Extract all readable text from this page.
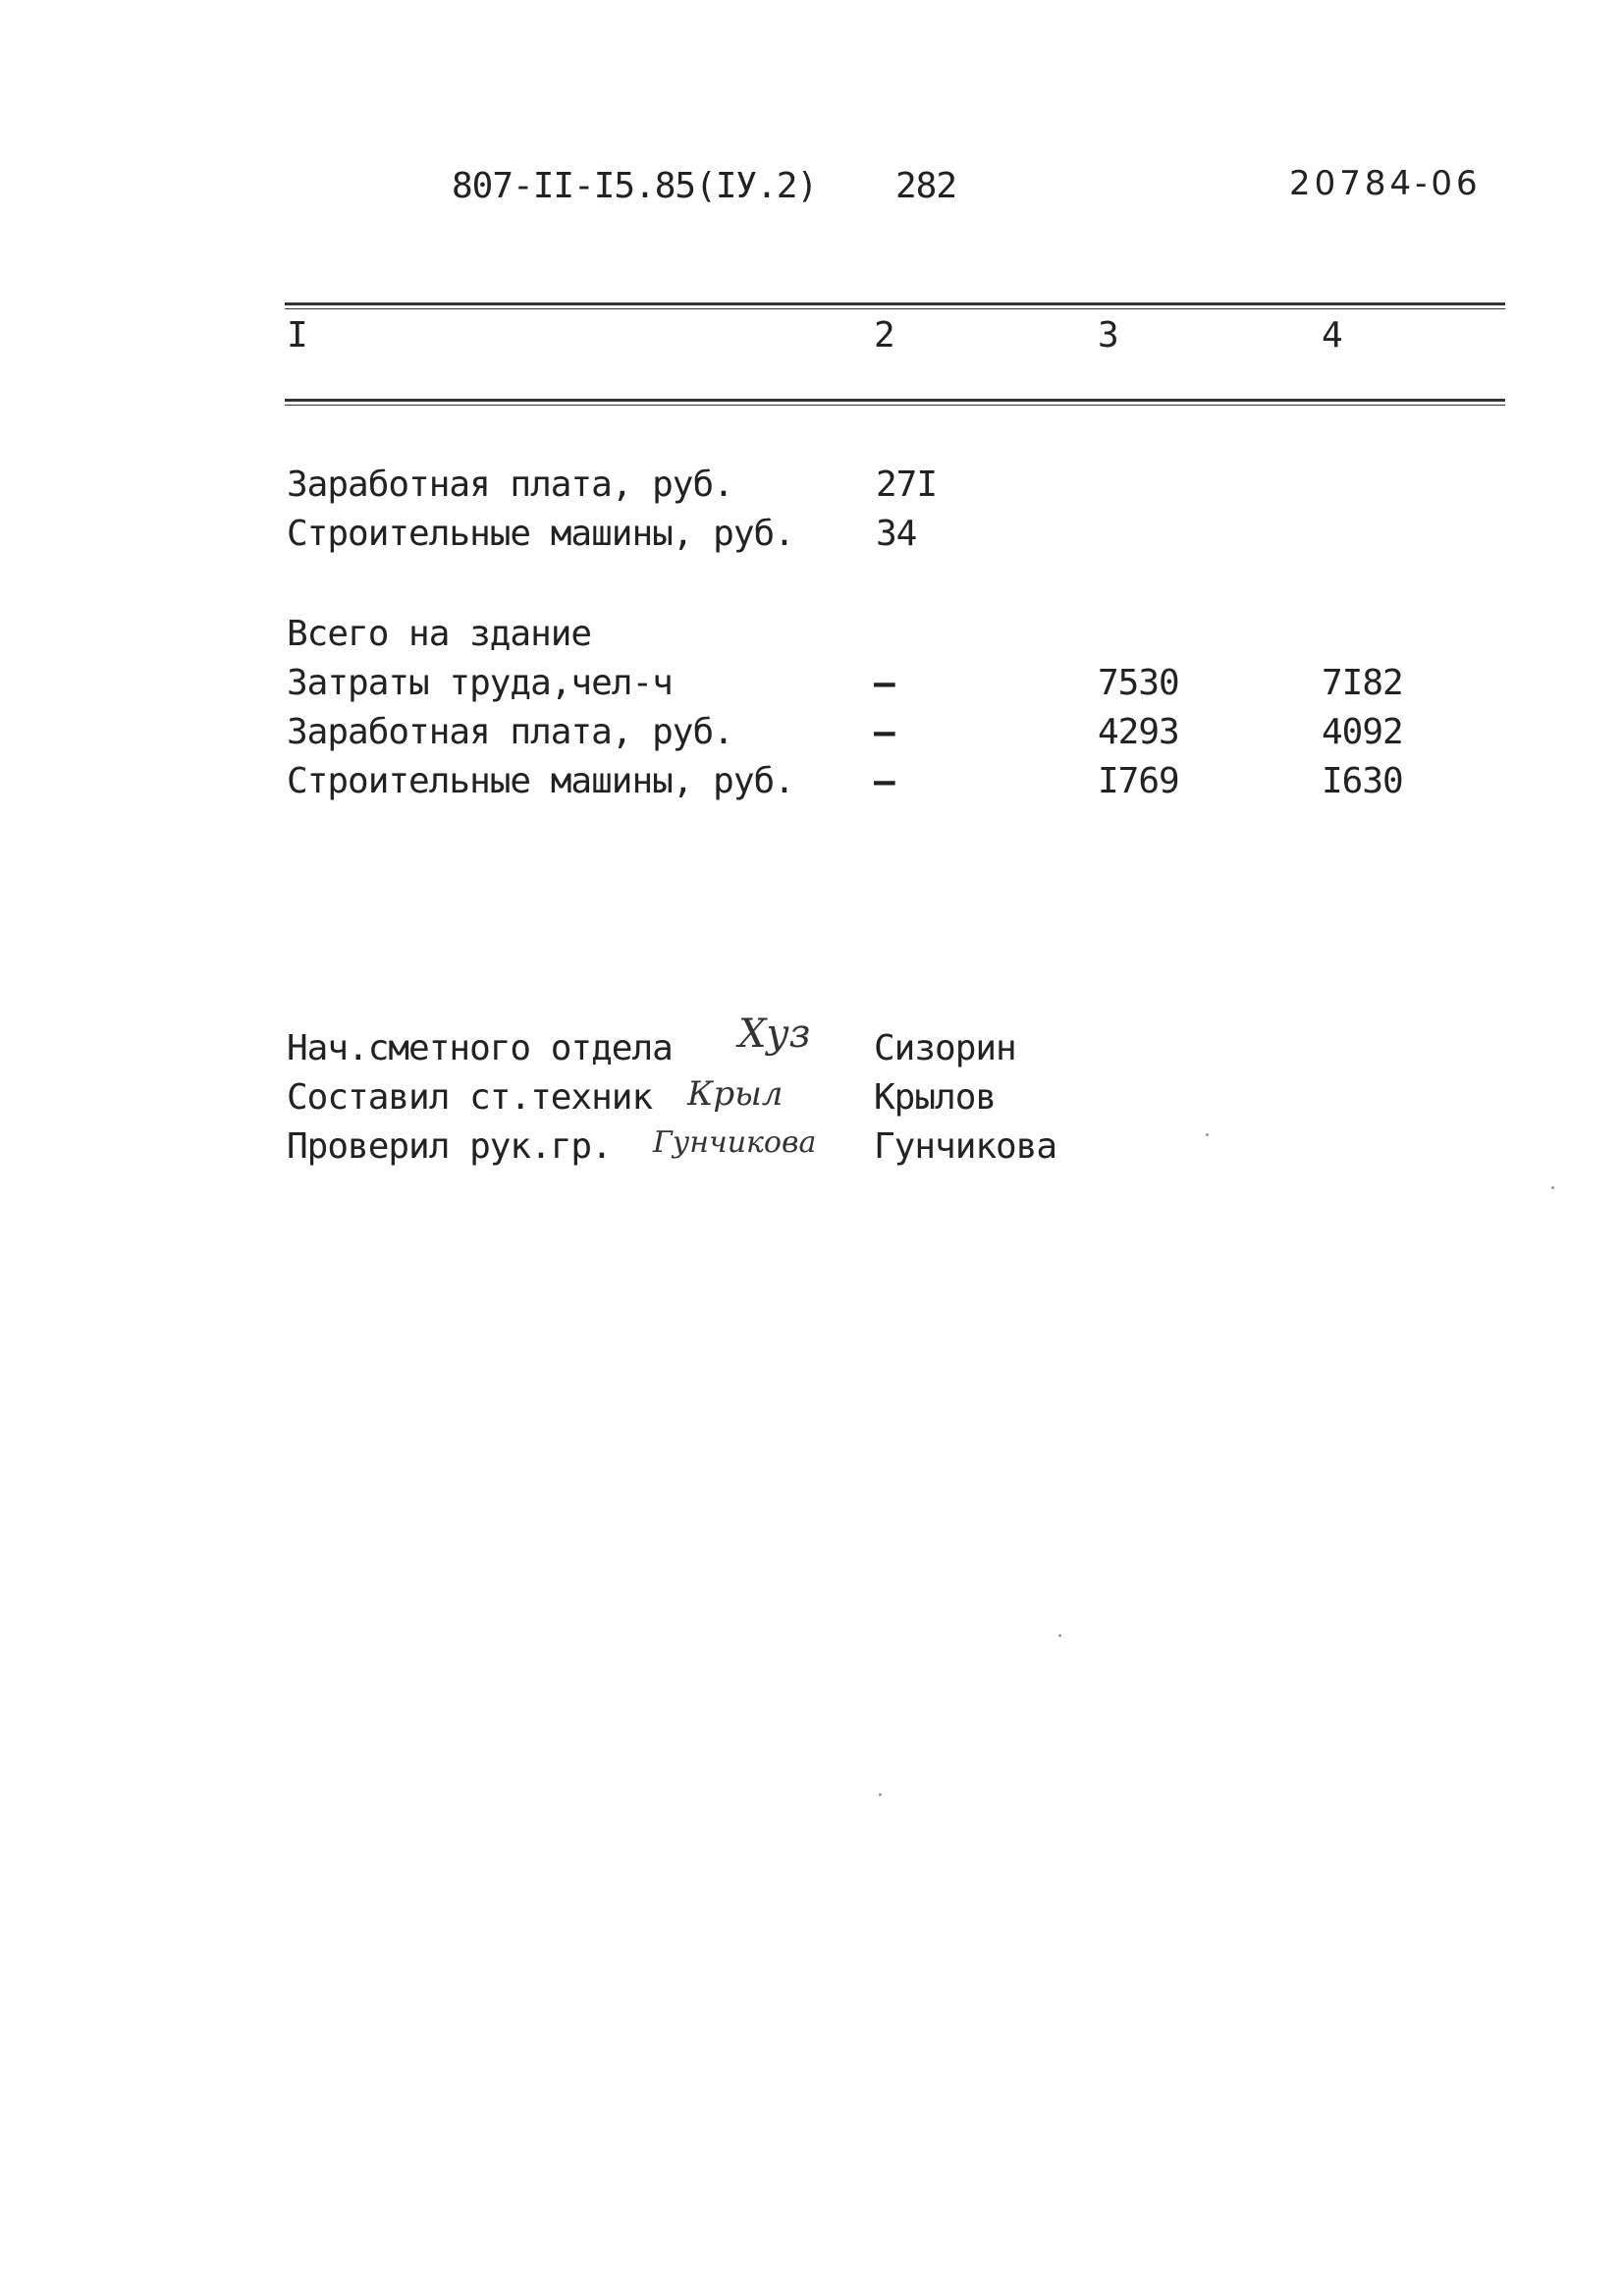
807-II-I5.85(IУ.2) 282	20784-06
I	2	3	4
Заработная плата, руб.	27I
Строительные машины, руб. 34
Всего на здание
Затраты труда,чел-ч	–	7530	7I82
Заработная плата, руб.	–	4293	4092
Строительные машины, руб. –	I769	I630
Нач.сметного отдела Хуз Сизорин
Составил ст.техник Крыл	Крылов
Проверил рук.гр. Гунчикова Гунчикова
